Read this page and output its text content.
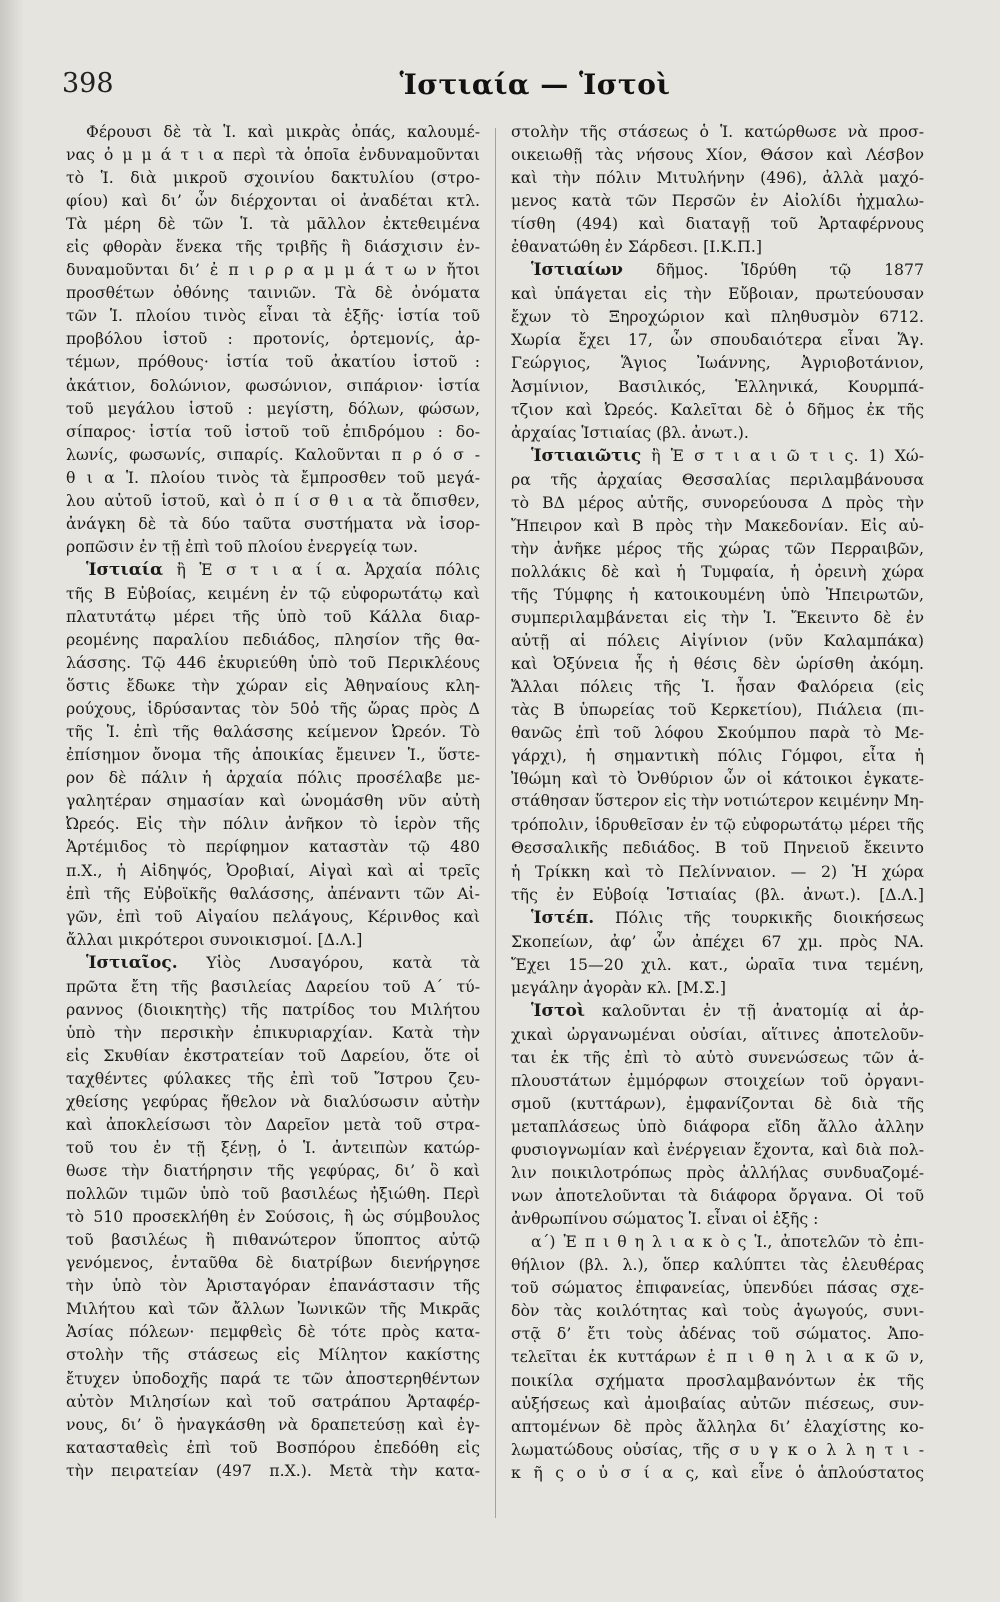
398	Ἱστιαία — Ἱστοὶ
Φέρουσι δὲ τὰ Ἱ. καὶ μικρὰς ὀπάς, καλουμέ-
νας ὀ μ μ ά τ ι α περὶ τὰ ὁποῖα ἐνδυναμοῦνται
τὸ Ἱ. διὰ μικροῦ σχοινίου δακτυλίου (στρο-
φίου) καὶ δι’ ὧν διέρχονται οἱ ἀναδέται κτλ.
Τὰ μέρη δὲ τῶν Ἱ. τὰ μᾶλλον ἐκτεθειμένα
εἰς φθορὰν ἕνεκα τῆς τριβῆς ἢ διάσχισιν ἐν-
δυναμοῦνται δι’ ἐ π ι ρ ρ α μ μ ά τ ω ν ἤτοι
προσθέτων ὀθόνης ταινιῶν. Τὰ δὲ ὀνόματα
τῶν Ἱ. πλοίου τινὸς εἶναι τὰ ἑξῆς· ἱστία τοῦ
προβόλου ἱστοῦ : προτονίς, ὀρτεμονίς, ἀρ-
τέμων, πρόθους· ἱστία τοῦ ἀκατίου ἱστοῦ :
ἀκάτιον, δολώνιον, φωσώνιον, σιπάριον· ἱστία
τοῦ μεγάλου ἱστοῦ : μεγίστη, δόλων, φώσων,
σίπαρος· ἱστία τοῦ ἱστοῦ τοῦ ἐπιδρόμου : δο-
λωνίς, φωσωνίς, σιπαρίς. Καλοῦνται π ρ ό σ -
θ ι α Ἱ. πλοίου τινὸς τὰ ἔμπροσθεν τοῦ μεγά-
λου αὐτοῦ ἱστοῦ, καὶ ὀ π ί σ θ ι α τὰ ὄπισθεν,
ἀνάγκη δὲ τὰ δύο ταῦτα συστήματα νὰ ἰσορ-
ροπῶσιν ἐν τῇ ἐπὶ τοῦ πλοίου ἐνεργείᾳ των.
Ἱστιαία ἢ Ἑ σ τ ι α ί α. Ἀρχαία πόλις
τῆς Β Εὐβοίας, κειμένη ἐν τῷ εὐφορωτάτῳ καὶ
πλατυτάτῳ μέρει τῆς ὑπὸ τοῦ Κάλλα διαρ-
ρεομένης παραλίου πεδιάδος, πλησίον τῆς θα-
λάσσης. Τῷ 446 ἐκυριεύθη ὑπὸ τοῦ Περικλέους
ὅστις ἔδωκε τὴν χώραν εἰς Ἀθηναίους κλη-
ρούχους, ἱδρύσαντας τὸν 50ὁ τῆς ὥρας πρὸς Δ
τῆς Ἱ. ἐπὶ τῆς θαλάσσης κείμενον Ὠρεόν. Τὸ
ἐπίσημον ὄνομα τῆς ἀποικίας ἔμεινεν Ἱ., ὕστε-
ρον δὲ πάλιν ἡ ἀρχαία πόλις προσέλαβε με-
γαλητέραν σημασίαν καὶ ὠνομάσθη νῦν αὐτὴ
Ὠρεός. Εἰς τὴν πόλιν ἀνῆκον τὸ ἱερὸν τῆς
Ἀρτέμιδος τὸ περίφημον καταστὰν τῷ 480
π.Χ., ἡ Αἰδηψός, Ὀροβιαί, Αἰγαὶ καὶ αἱ τρεῖς
ἐπὶ τῆς Εὐβοϊκῆς θαλάσσης, ἀπέναντι τῶν Αἰ-
γῶν, ἐπὶ τοῦ Αἰγαίου πελάγους, Κέρινθος καὶ
ἄλλαι μικρότεροι συνοικισμοί. [Δ.Λ.]
Ἱστιαῖος. Υἱὸς Λυσαγόρου, κατὰ τὰ
πρῶτα ἔτη τῆς βασιλείας Δαρείου τοῦ Α΄ τύ-
ραννος (διοικητὴς) τῆς πατρίδος του Μιλήτου
ὑπὸ τὴν περσικὴν ἐπικυριαρχίαν. Κατὰ τὴν
εἰς Σκυθίαν ἐκστρατείαν τοῦ Δαρείου, ὅτε οἱ
ταχθέντες φύλακες τῆς ἐπὶ τοῦ Ἴστρου ζευ-
χθείσης γεφύρας ἤθελον νὰ διαλύσωσιν αὐτὴν
καὶ ἀποκλείσωσι τὸν Δαρεῖον μετὰ τοῦ στρα-
τοῦ του ἐν τῇ ξένῃ, ὁ Ἱ. ἀντειπὼν κατώρ-
θωσε τὴν διατήρησιν τῆς γεφύρας, δι’ ὃ καὶ
πολλῶν τιμῶν ὑπὸ τοῦ βασιλέως ἠξιώθη. Περὶ
τὸ 510 προσεκλήθη ἐν Σούσοις, ἢ ὡς σύμβουλος
τοῦ βασιλέως ἢ πιθανώτερον ὕποπτος αὐτῷ
γενόμενος, ἐνταῦθα δὲ διατρίβων διενήργησε
τὴν ὑπὸ τὸν Ἀρισταγόραν ἐπανάστασιν τῆς
Μιλήτου καὶ τῶν ἄλλων Ἰωνικῶν τῆς Μικρᾶς
Ἀσίας πόλεων· πεμφθεὶς δὲ τότε πρὸς κατα-
στολὴν τῆς στάσεως εἰς Μίλητον κακίστης
ἔτυχεν ὑποδοχῆς παρά τε τῶν ἀποστερηθέντων
αὐτὸν Μιλησίων καὶ τοῦ σατράπου Ἀρταφέρ-
νους, δι’ ὃ ἠναγκάσθη νὰ δραπετεύσῃ καὶ ἐγ-
κατασταθεὶς ἐπὶ τοῦ Βοσπόρου ἐπεδόθη εἰς
τὴν πειρατείαν (497 π.Χ.). Μετὰ τὴν κατα-
στολὴν τῆς στάσεως ὁ Ἱ. κατώρθωσε νὰ προσ-
οικειωθῇ τὰς νήσους Χίον, Θάσον καὶ Λέσβον
καὶ τὴν πόλιν Μιτυλήνην (496), ἀλλὰ μαχό-
μενος κατὰ τῶν Περσῶν ἐν Αἰολίδι ἠχμαλω-
τίσθη (494) καὶ διαταγῇ τοῦ Ἀρταφέρνους
ἐθανατώθη ἐν Σάρδεσι. [Ι.Κ.Π.]
Ἱστιαίων δῆμος. Ἱδρύθη τῷ 1877
καὶ ὑπάγεται εἰς τὴν Εὔβοιαν, πρωτεύουσαν
ἔχων τὸ Ξηροχώριον καὶ πληθυσμὸν 6712.
Χωρία ἔχει 17, ὧν σπουδαιότερα εἶναι Ἅγ.
Γεώργιος, Ἅγιος Ἰωάννης, Ἀγριοβοτάνιον,
Ἀσμίνιον, Βασιλικός, Ἑλληνικά, Κουρμπά-
τζιον καὶ Ὠρεός. Καλεῖται δὲ ὁ δῆμος ἐκ τῆς
ἀρχαίας Ἱστιαίας (βλ. ἀνωτ.).
Ἱστιαιῶτις ἢ Ἑ σ τ ι α ι ῶ τ ι ς. 1) Χώ-
ρα τῆς ἀρχαίας Θεσσαλίας περιλαμβάνουσα
τὸ ΒΔ μέρος αὐτῆς, συνορεύουσα Δ πρὸς τὴν
Ἤπειρον καὶ Β πρὸς τὴν Μακεδονίαν. Εἰς αὐ-
τὴν ἀνῆκε μέρος τῆς χώρας τῶν Περραιβῶν,
πολλάκις δὲ καὶ ἡ Τυμφαία, ἡ ὀρεινὴ χώρα
τῆς Τύμφης ἡ κατοικουμένη ὑπὸ Ἠπειρωτῶν,
συμπεριλαμβάνεται εἰς τὴν Ἱ. Ἔκειντο δὲ ἐν
αὐτῇ αἱ πόλεις Αἰγίνιον (νῦν Καλαμπάκα)
καὶ Ὀξύνεια ἧς ἡ θέσις δὲν ὡρίσθη ἀκόμη.
Ἄλλαι πόλεις τῆς Ἱ. ἦσαν Φαλόρεια (εἰς
τὰς Β ὑπωρείας τοῦ Κερκετίου), Πιάλεια (πι-
θανῶς ἐπὶ τοῦ λόφου Σκούμπου παρὰ τὸ Με-
γάρχι), ἡ σημαντικὴ πόλις Γόμφοι, εἶτα ἡ
Ἰθώμη καὶ τὸ Ὀνθύριον ὧν οἱ κάτοικοι ἐγκατε-
στάθησαν ὕστερον εἰς τὴν νοτιώτερον κειμένην Μη-
τρόπολιν, ἱδρυθεῖσαν ἐν τῷ εὐφορωτάτῳ μέρει τῆς
Θεσσαλικῆς πεδιάδος. Β τοῦ Πηνειοῦ ἔκειντο
ἡ Τρίκκη καὶ τὸ Πελίνναιον. — 2) Ἡ χώρα
τῆς ἐν Εὐβοίᾳ Ἱστιαίας (βλ. ἀνωτ.). [Δ.Λ.]
Ἱστέπ. Πόλις τῆς τουρκικῆς διοικήσεως
Σκοπείων, ἀφ’ ὧν ἀπέχει 67 χμ. πρὸς ΝΑ.
Ἔχει 15—20 χιλ. κατ., ὡραῖα τινα τεμένη,
μεγάλην ἀγορὰν κλ. [Μ.Σ.]
Ἱστοὶ καλοῦνται ἐν τῇ ἀνατομίᾳ αἱ ἀρ-
χικαὶ ὠργανωμέναι οὐσίαι, αἵτινες ἀποτελοῦν-
ται ἐκ τῆς ἐπὶ τὸ αὐτὸ συνενώσεως τῶν ἁ-
πλουστάτων ἐμμόρφων στοιχείων τοῦ ὀργανι-
σμοῦ (κυττάρων), ἐμφανίζονται δὲ διὰ τῆς
μεταπλάσεως ὑπὸ διάφορα εἴδη ἄλλο ἀλλην
φυσιογνωμίαν καὶ ἐνέργειαν ἔχοντα, καὶ διὰ πολ-
λιν ποικιλοτρόπως πρὸς ἀλλήλας συνδυαζομέ-
νων ἀποτελοῦνται τὰ διάφορα ὄργανα. Οἱ τοῦ
ἀνθρωπίνου σώματος Ἱ. εἶναι οἱ ἑξῆς :
α΄) Ἐ π ι θ η λ ι α κ ὸ ς Ἱ., ἀποτελῶν τὸ ἐπι-
θήλιον (βλ. λ.), ὅπερ καλύπτει τὰς ἐλευθέρας
τοῦ σώματος ἐπιφανείας, ὑπενδύει πάσας σχε-
δὸν τὰς κοιλότητας καὶ τοὺς ἀγωγούς, συνι-
στᾷ δ’ ἔτι τοὺς ἀδένας τοῦ σώματος. Ἀπο-
τελεῖται ἐκ κυττάρων ἐ π ι θ η λ ι α κ ῶ ν,
ποικίλα σχήματα προσλαμβανόντων ἐκ τῆς
αὐξήσεως καὶ ἀμοιβαίας αὐτῶν πιέσεως, συν-
απτομένων δὲ πρὸς ἄλληλα δι’ ἐλαχίστης κο-
λωματώδους οὐσίας, τῆς σ υ γ κ ο λ λ η τ ι -
κ ῆ ς ο ὐ σ ί α ς, καὶ εἶνε ὁ ἁπλούστατος
